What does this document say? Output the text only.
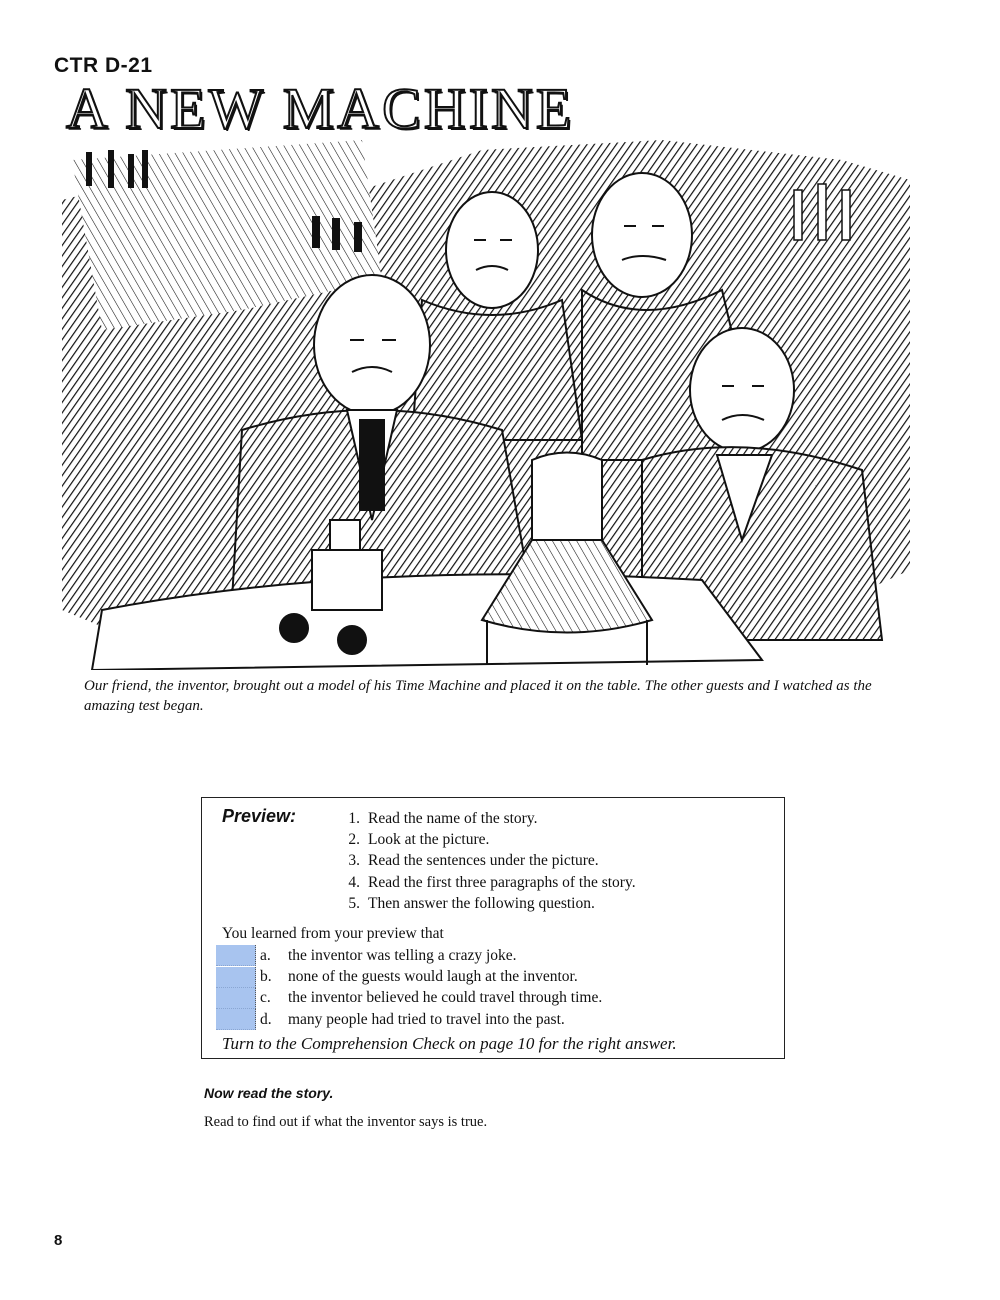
CTR D-21
A NEW MACHINE
Our friend, the inventor, brought out a model of his Time Machine and placed it on the table. The other guests and I watched as the amazing test began.
Preview:	1. Read the name of the story.
2. Look at the picture.
3. Read the sentences under the picture.
4. Read the first three paragraphs of the story.
5. Then answer the following question.
You learned from your preview that
a.	the inventor was telling a crazy joke.
b.	none of the guests would laugh at the inventor.
c.	the inventor believed he could travel through time.
d.	many people had tried to travel into the past.
Turn to the Comprehension Check on page 10 for the right answer.
Now read the story.
Read to find out if what the inventor says is true.
8
